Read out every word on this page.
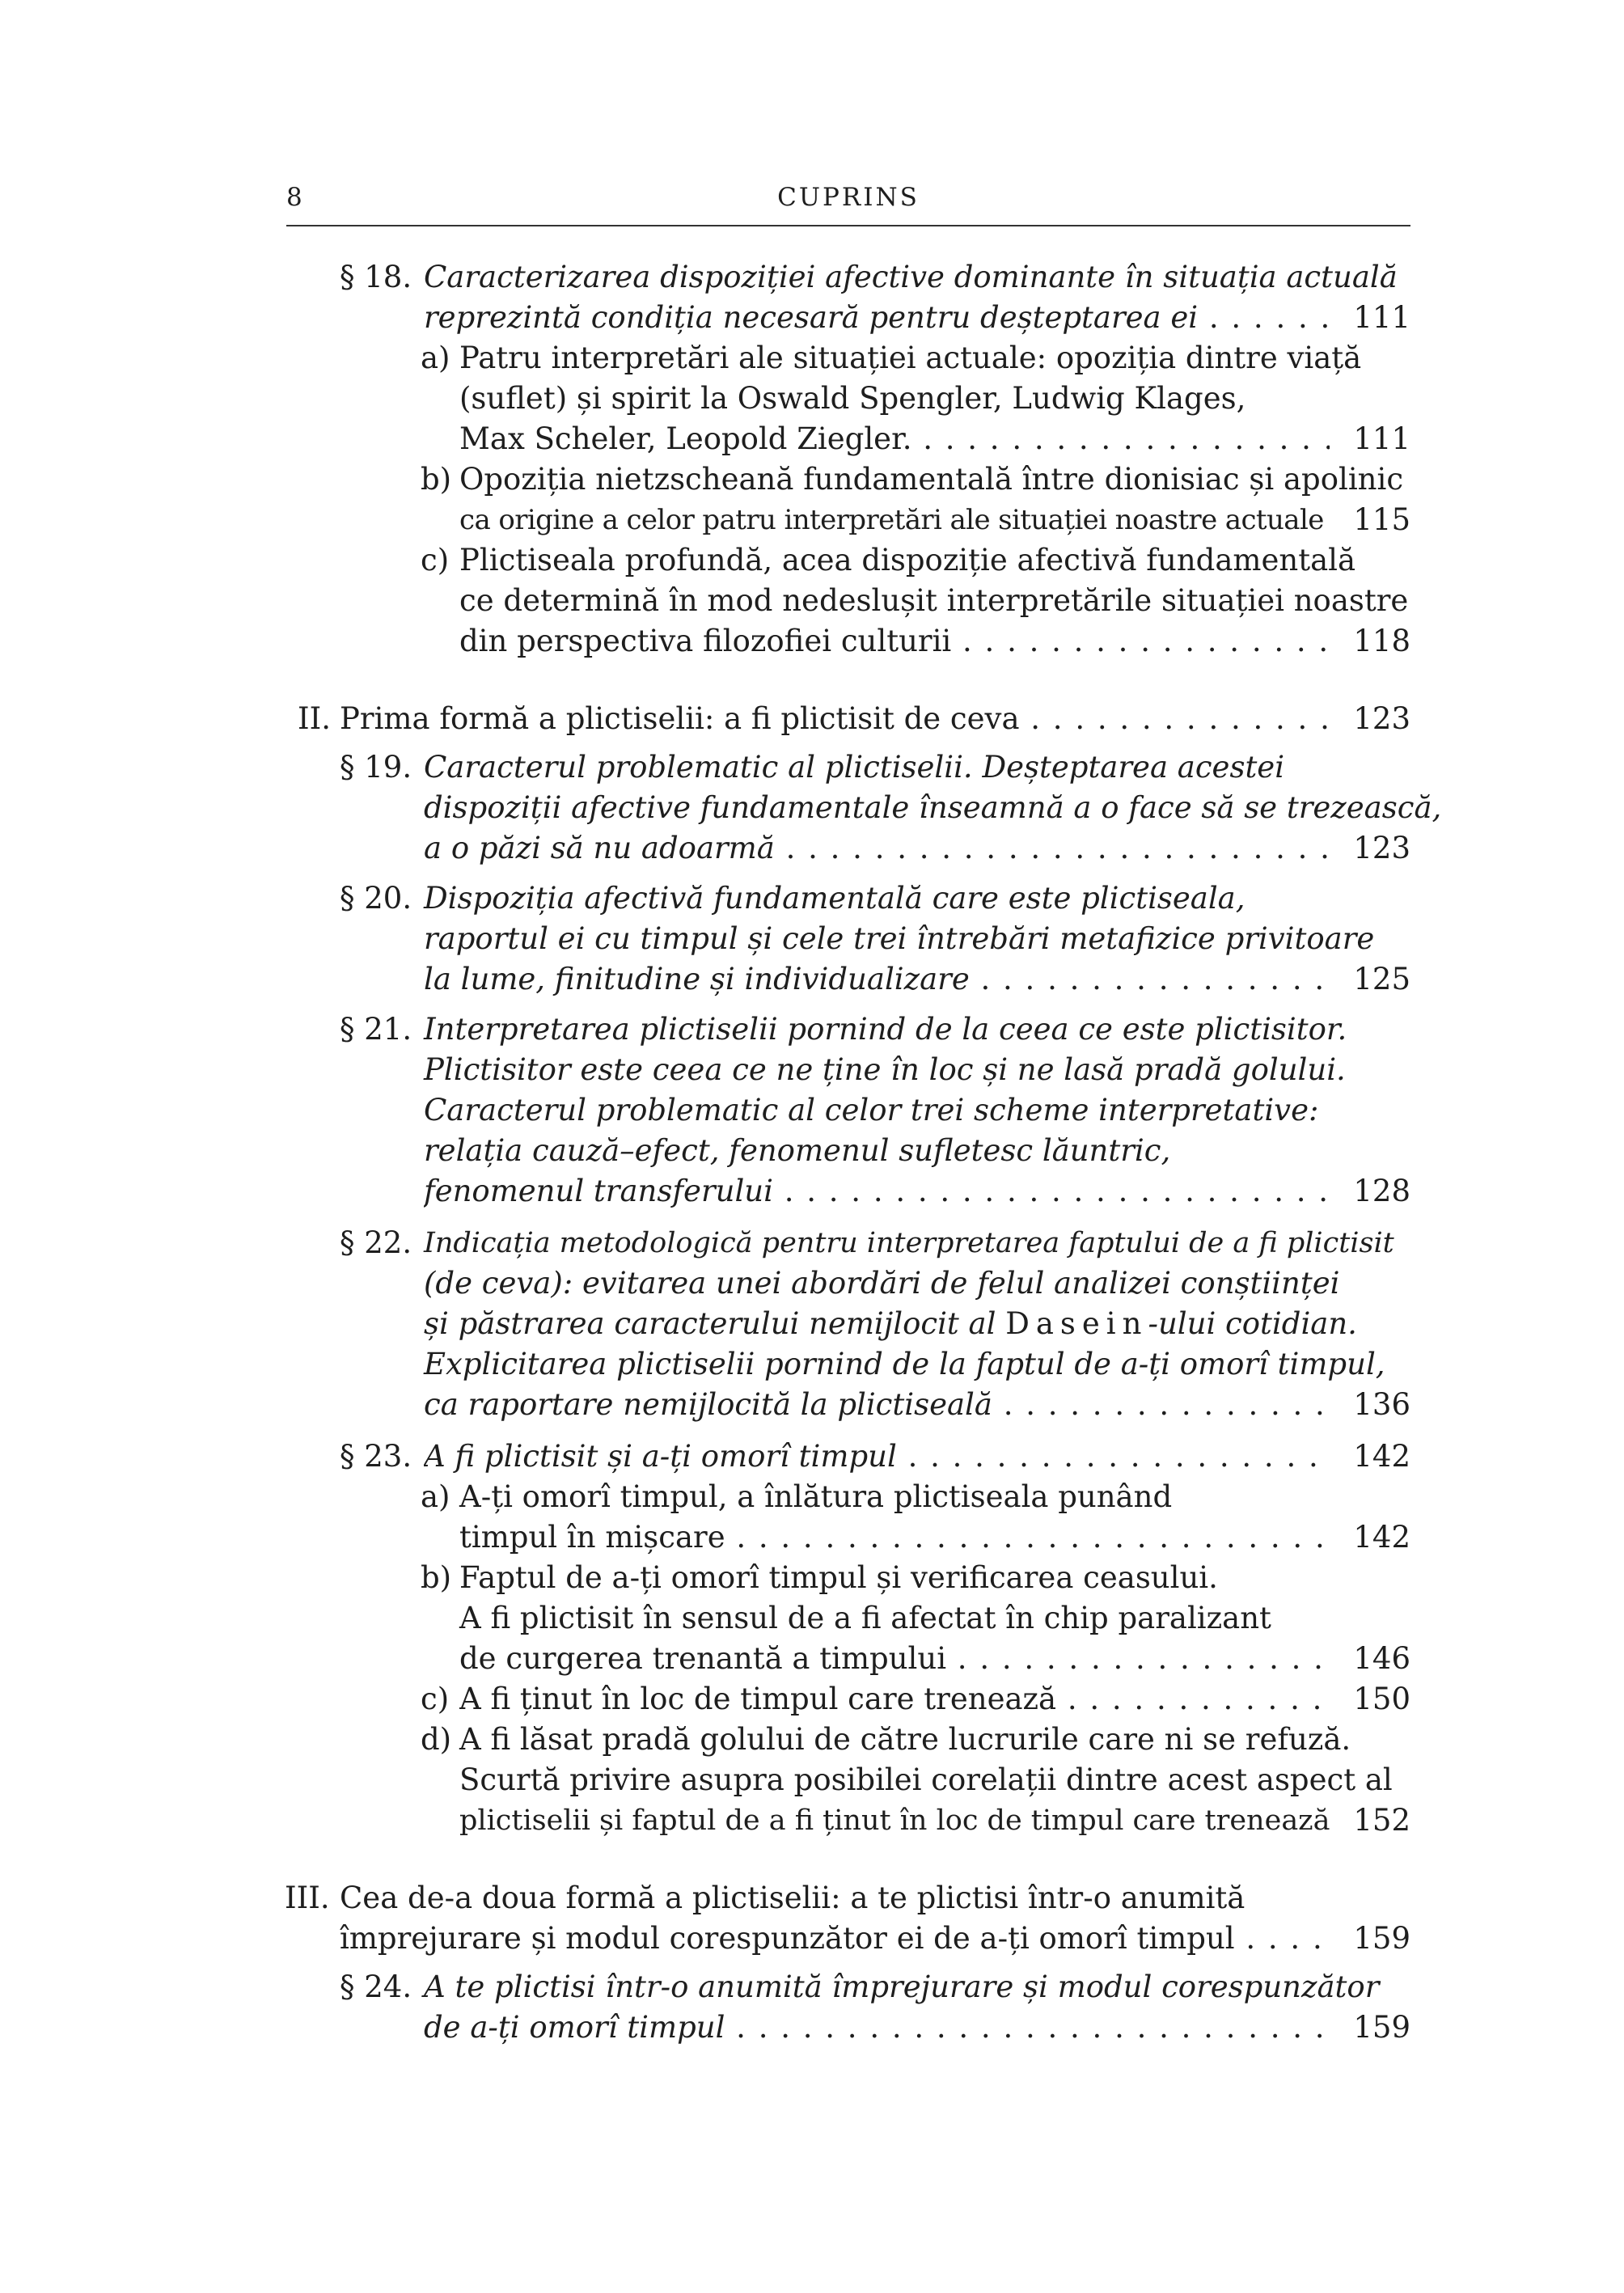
8	CUPRINS
§ 18. Caracterizarea dispoziției afective dominante în situația actuală
reprezintă condiția necesară pentru deșteptarea ei . . .	111
a) Patru interpretări ale situației actuale: opoziția dintre viață
(suflet) și spirit la Oswald Spengler, Ludwig Klages,
Max Scheler, Leopold Ziegler. . . .	111
b) Opoziția nietzscheană fundamentală între dionisiac și apolinic
ca origine a celor patru interpretări ale situației noastre actuale . . . 115
c) Plictiseala profundă, acea dispoziție afectivă fundamentală
ce determină în mod nedeslușit interpretările situației noastre
din perspectiva filozofiei culturii . . .	118
II. Prima formă a plictiselii: a fi plictisit de ceva . . .	123
§ 19. Caracterul problematic al plictiselii. Deșteptarea acestei
dispoziții afective fundamentale înseamnă a o face să se trezească,
a o păzi să nu adoarmă . . .	123
§ 20. Dispoziția afectivă fundamentală care este plictiseala,
raportul ei cu timpul și cele trei întrebări metafizice privitoare
la lume, finitudine și individualizare . . .	125
§ 21. Interpretarea plictiselii pornind de la ceea ce este plictisitor.
Plictisitor este ceea ce ne ține în loc și ne lasă pradă golului.
Caracterul problematic al celor trei scheme interpretative:
relația cauză–efect, fenomenul sufletesc lăuntric,
fenomenul transferului . . .	128
§ 22. Indicația metodologică pentru interpretarea faptului de a fi plictisit
(de ceva): evitarea unei abordări de felul analizei conștiinței
și păstrarea caracterului nemijlocit al Dasein-ului cotidian.
Explicitarea plictiselii pornind de la faptul de a-ți omorî timpul,
ca raportare nemijlocită la plictiseală . . .	136
§ 23. A fi plictisit și a-ți omorî timpul . . .	142
a) A-ți omorî timpul, a înlătura plictiseala punând
timpul în mișcare . . .	142
b) Faptul de a-ți omorî timpul și verificarea ceasului.
A fi plictisit în sensul de a fi afectat în chip paralizant
de curgerea trenantă a timpului . . .	146
c) A fi ținut în loc de timpul care trenează . . .	150
d) A fi lăsat pradă golului de către lucrurile care ni se refuză.
Scurtă privire asupra posibilei corelații dintre acest aspect al
plictiselii și faptul de a fi ținut în loc de timpul care trenează . . . 152
III. Cea de-a doua formă a plictiselii: a te plictisi într-o anumită
împrejurare și modul corespunzător ei de a-ți omorî timpul . . .	159
§ 24. A te plictisi într-o anumită împrejurare și modul corespunzător
de a-ți omorî timpul . . .	159
